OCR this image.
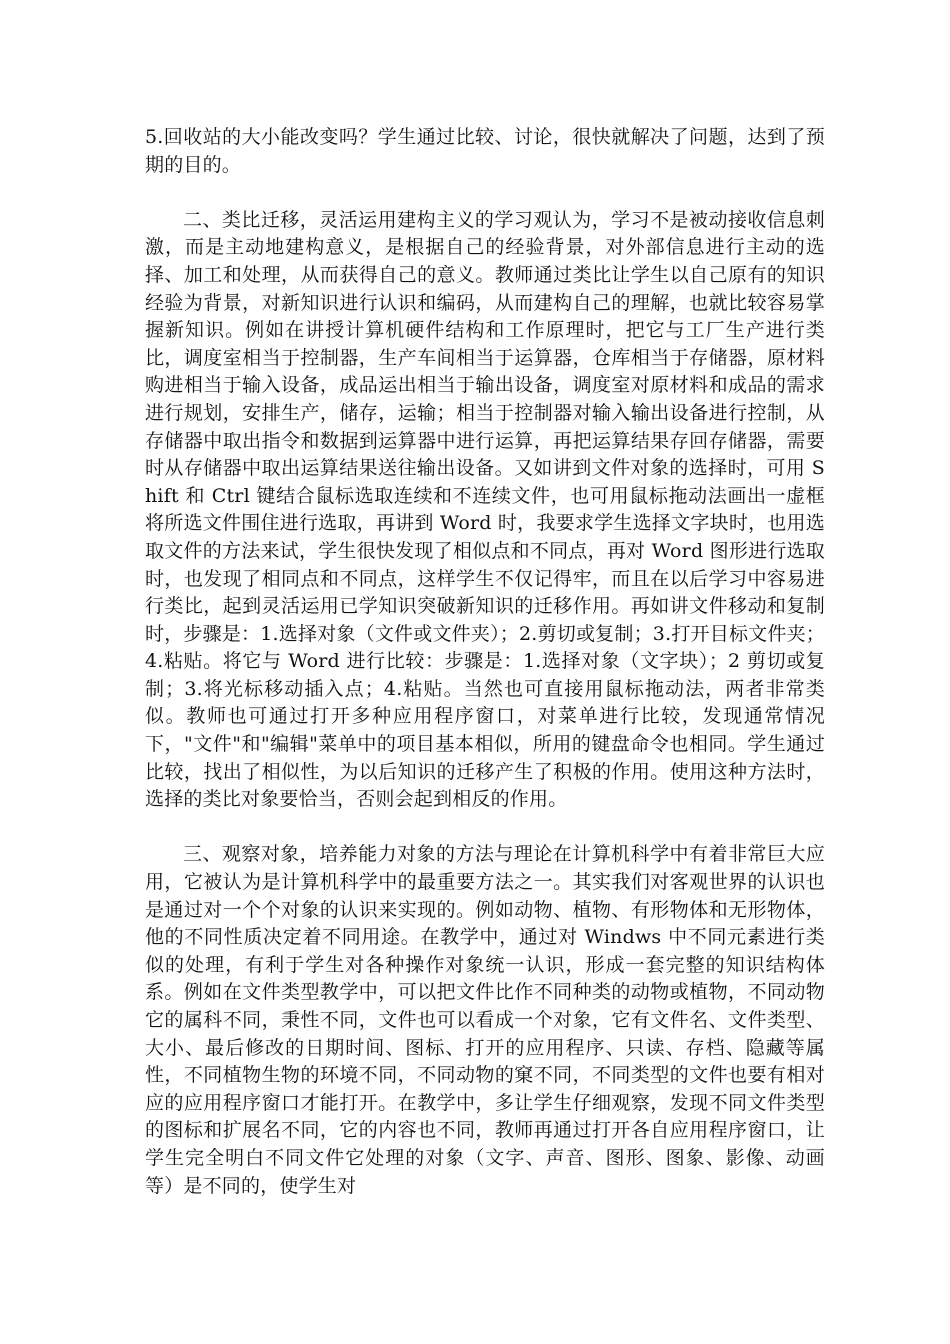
5.回收站的大小能改变吗？学生通过比较、讨论，很快就解决了问题，达到了预期的目的。

二、类比迁移，灵活运用建构主义的学习观认为，学习不是被动接收信息刺激，而是主动地建构意义，是根据自己的经验背景，对外部信息进行主动的选择、加工和处理，从而获得自己的意义。教师通过类比让学生以自己原有的知识经验为背景，对新知识进行认识和编码，从而建构自己的理解，也就比较容易掌握新知识。例如在讲授计算机硬件结构和工作原理时，把它与工厂生产进行类比，调度室相当于控制器，生产车间相当于运算器，仓库相当于存储器，原材料购进相当于输入设备，成品运出相当于输出设备，调度室对原材料和成品的需求进行规划，安排生产，储存，运输；相当于控制器对输入输出设备进行控制，从存储器中取出指令和数据到运算器中进行运算，再把运算结果存回存储器，需要时从存储器中取出运算结果送往输出设备。又如讲到文件对象的选择时，可用 Shift 和 Ctrl 键结合鼠标选取连续和不连续文件，也可用鼠标拖动法画出一虚框将所选文件围住进行选取，再讲到 Word 时，我要求学生选择文字块时，也用选取文件的方法来试，学生很快发现了相似点和不同点，再对 Word 图形进行选取时，也发现了相同点和不同点，这样学生不仅记得牢，而且在以后学习中容易进行类比，起到灵活运用已学知识突破新知识的迁移作用。再如讲文件移动和复制时，步骤是：1.选择对象（文件或文件夹）；2.剪切或复制；3.打开目标文件夹；4.粘贴。将它与 Word 进行比较：步骤是：1.选择对象（文字块）；2 剪切或复制；3.将光标移动插入点；4.粘贴。当然也可直接用鼠标拖动法，两者非常类似。教师也可通过打开多种应用程序窗口，对菜单进行比较，发现通常情况下，"文件"和"编辑"菜单中的项目基本相似，所用的键盘命令也相同。学生通过比较，找出了相似性，为以后知识的迁移产生了积极的作用。使用这种方法时，选择的类比对象要恰当，否则会起到相反的作用。

三、观察对象，培养能力对象的方法与理论在计算机科学中有着非常巨大应用，它被认为是计算机科学中的最重要方法之一。其实我们对客观世界的认识也是通过对一个个对象的认识来实现的。例如动物、植物、有形物体和无形物体，他的不同性质决定着不同用途。在教学中，通过对 Windws 中不同元素进行类似的处理，有利于学生对各种操作对象统一认识，形成一套完整的知识结构体系。例如在文件类型教学中，可以把文件比作不同种类的动物或植物，不同动物它的属科不同，秉性不同，文件也可以看成一个对象，它有文件名、文件类型、大小、最后修改的日期时间、图标、打开的应用程序、只读、存档、隐藏等属性，不同植物生物的环境不同，不同动物的窠不同，不同类型的文件也要有相对应的应用程序窗口才能打开。在教学中，多让学生仔细观察，发现不同文件类型的图标和扩展名不同，它的内容也不同，教师再通过打开各自应用程序窗口，让学生完全明白不同文件它处理的对象（文字、声音、图形、图象、影像、动画等）是不同的，使学生对
